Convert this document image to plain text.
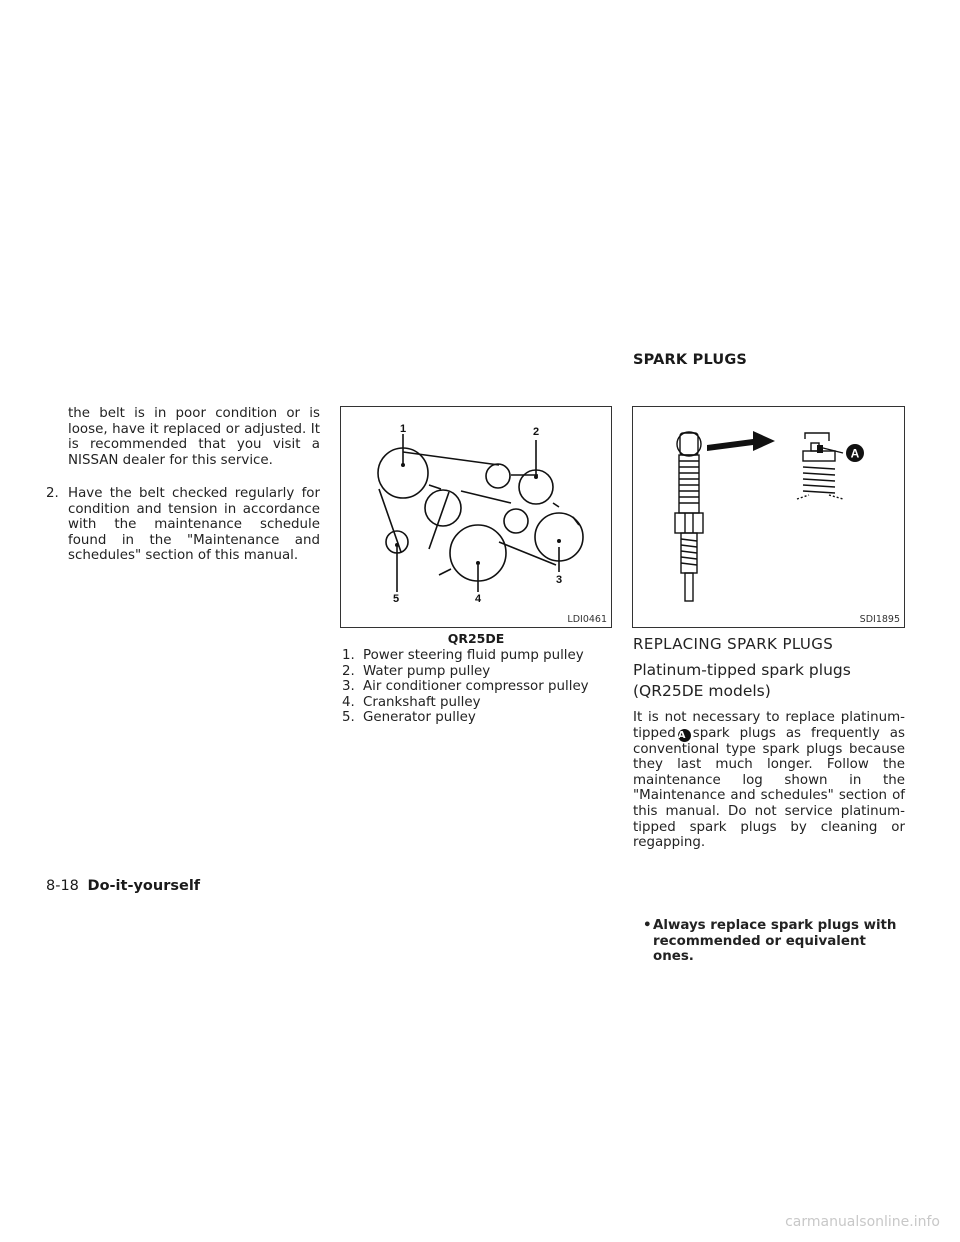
the belt is in poor condition or is loose, have it replaced or adjusted. It is recommended that you visit a NISSAN dealer for this service.
2. Have the belt checked regularly for condition and tension in accordance with the maintenance schedule found in the "Maintenance and schedules" section of this manual.
1	2
3
4
5
LDI0461
QR25DE
1. Power steering fluid pump pulley
2. Water pump pulley
3. Air conditioner compressor pulley
4. Crankshaft pulley
5. Generator pulley
SPARK PLUGS
A
SDI1895
REPLACING SPARK PLUGS
Platinum-tipped spark plugs (QR25DE models)
It is not necessary to replace platinum-tipped A spark plugs as frequently as conventional type spark plugs because they last much longer. Follow the maintenance log shown in the "Maintenance and schedules" section of this manual. Do not service platinum-tipped spark plugs by cleaning or regapping.
• Always replace spark plugs with recommended or equivalent ones.
8-18 Do-it-yourself
carmanualsonline.info
